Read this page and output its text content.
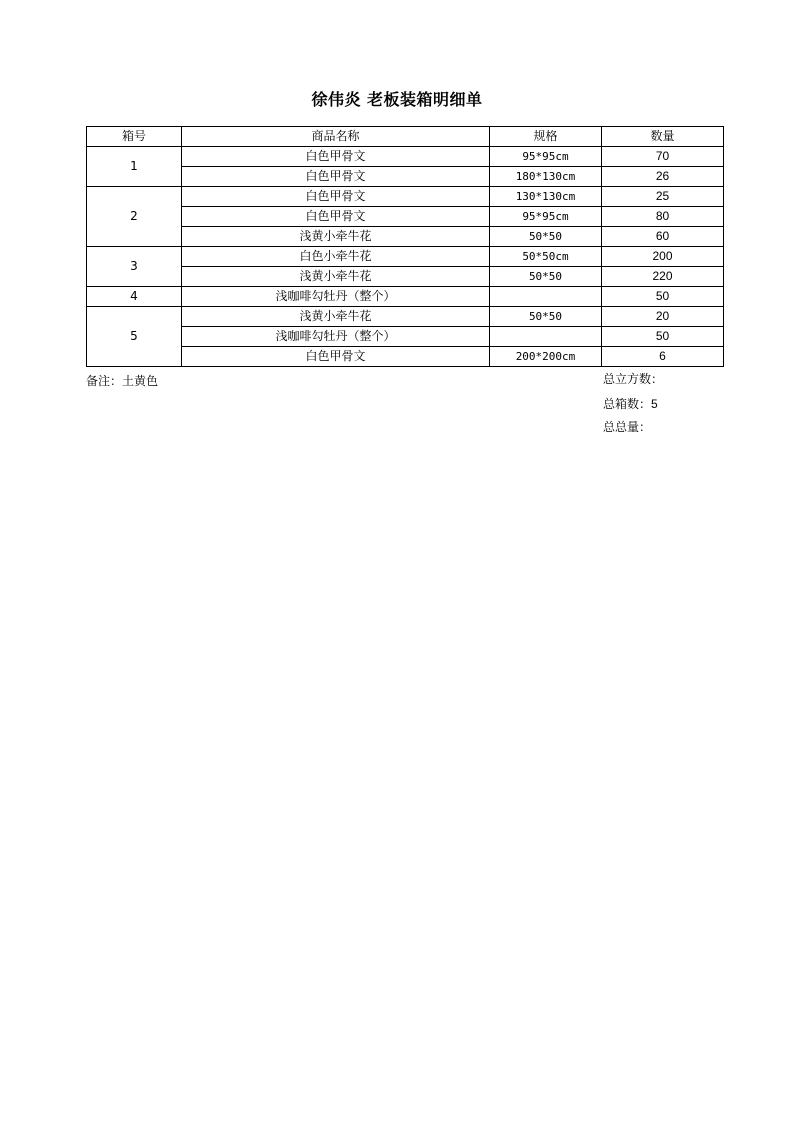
徐伟炎 老板装箱明细单
箱号	商品名称	规格	数量
1	白色甲骨文	95*95cm	70
	白色甲骨文	180*130cm	26
2	白色甲骨文	130*130cm	25
	白色甲骨文	95*95cm	80
	浅黄小牵牛花	50*50	60
3	白色小牵牛花	50*50cm	200
	浅黄小牵牛花	50*50	220
4	浅咖啡勾牡丹（整个）		50
5	浅黄小牵牛花	50*50	20
	浅咖啡勾牡丹（整个）		50
	白色甲骨文	200*200cm	6
备注：土黄色	总立方数：
总箱数：5
总总量：
